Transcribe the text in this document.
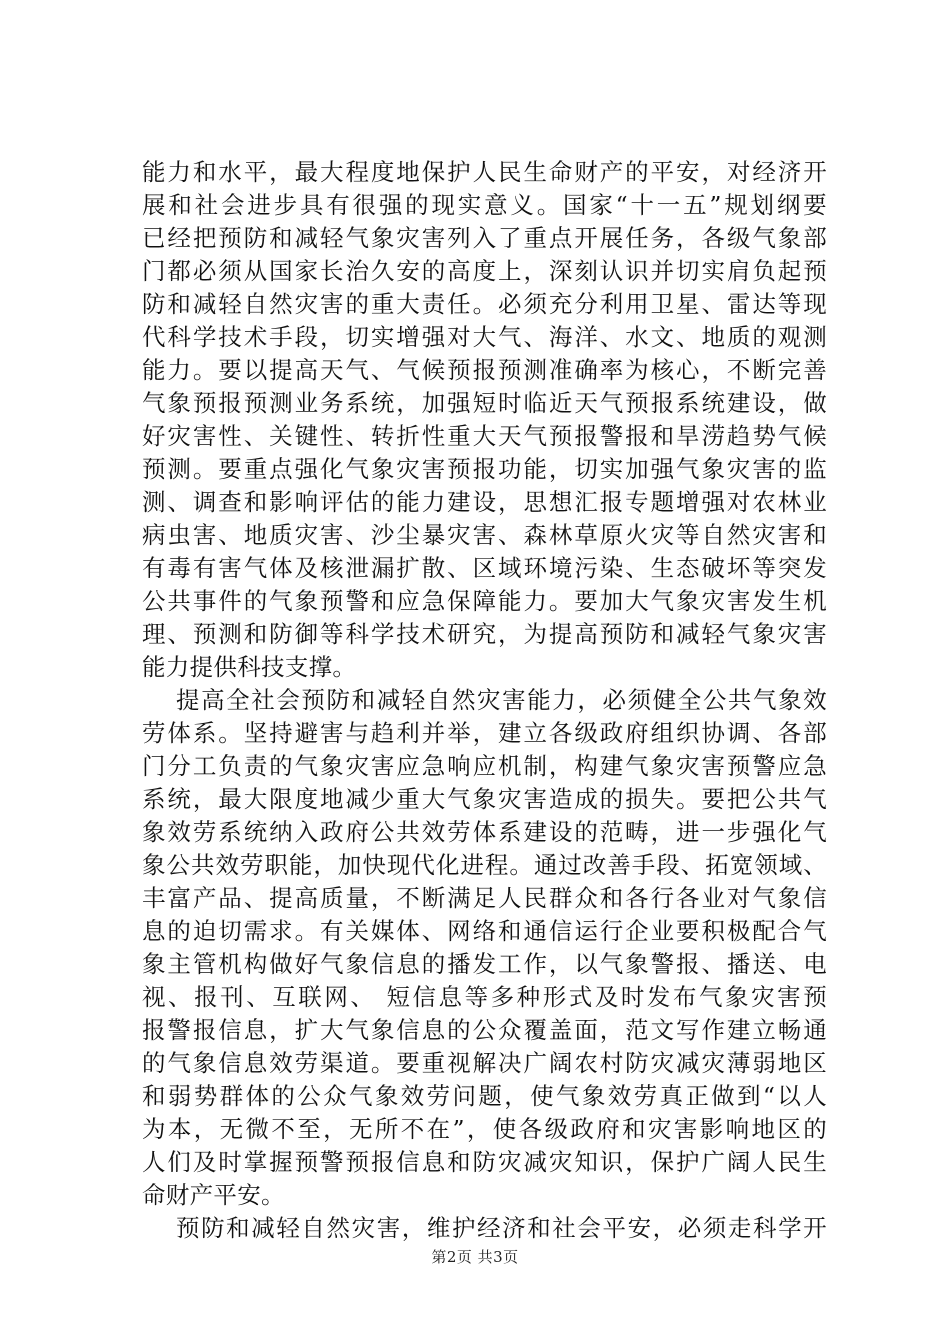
能力和水平，最大程度地保护人民生命财产的平安，对经济开
展和社会进步具有很强的现实意义。国家“十一五”规划纲要
已经把预防和减轻气象灾害列入了重点开展任务，各级气象部
门都必须从国家长治久安的高度上，深刻认识并切实肩负起预
防和减轻自然灾害的重大责任。必须充分利用卫星、雷达等现
代科学技术手段，切实增强对大气、海洋、水文、地质的观测
能力。要以提高天气、气候预报预测准确率为核心，不断完善
气象预报预测业务系统，加强短时临近天气预报系统建设，做
好灾害性、关键性、转折性重大天气预报警报和旱涝趋势气候
预测。要重点强化气象灾害预报功能，切实加强气象灾害的监
测、调查和影响评估的能力建设，思想汇报专题增强对农林业
病虫害、地质灾害、沙尘暴灾害、森林草原火灾等自然灾害和
有毒有害气体及核泄漏扩散、区域环境污染、生态破坏等突发
公共事件的气象预警和应急保障能力。要加大气象灾害发生机
理、预测和防御等科学技术研究，为提高预防和减轻气象灾害
能力提供科技支撑。
提高全社会预防和减轻自然灾害能力，必须健全公共气象效
劳体系。坚持避害与趋利并举，建立各级政府组织协调、各部
门分工负责的气象灾害应急响应机制，构建气象灾害预警应急
系统，最大限度地减少重大气象灾害造成的损失。要把公共气
象效劳系统纳入政府公共效劳体系建设的范畴，进一步强化气
象公共效劳职能，加快现代化进程。通过改善手段、拓宽领域、
丰富产品、提高质量，不断满足人民群众和各行各业对气象信
息的迫切需求。有关媒体、网络和通信运行企业要积极配合气
象主管机构做好气象信息的播发工作，以气象警报、播送、电
视、报刊、互联网、 短信息等多种形式及时发布气象灾害预
报警报信息，扩大气象信息的公众覆盖面，范文写作建立畅通
的气象信息效劳渠道。要重视解决广阔农村防灾减灾薄弱地区
和弱势群体的公众气象效劳问题，使气象效劳真正做到“以人
为本，无微不至，无所不在”，使各级政府和灾害影响地区的
人们及时掌握预警预报信息和防灾减灾知识，保护广阔人民生
命财产平安。
预防和减轻自然灾害，维护经济和社会平安，必须走科学开
第2页 共3页
